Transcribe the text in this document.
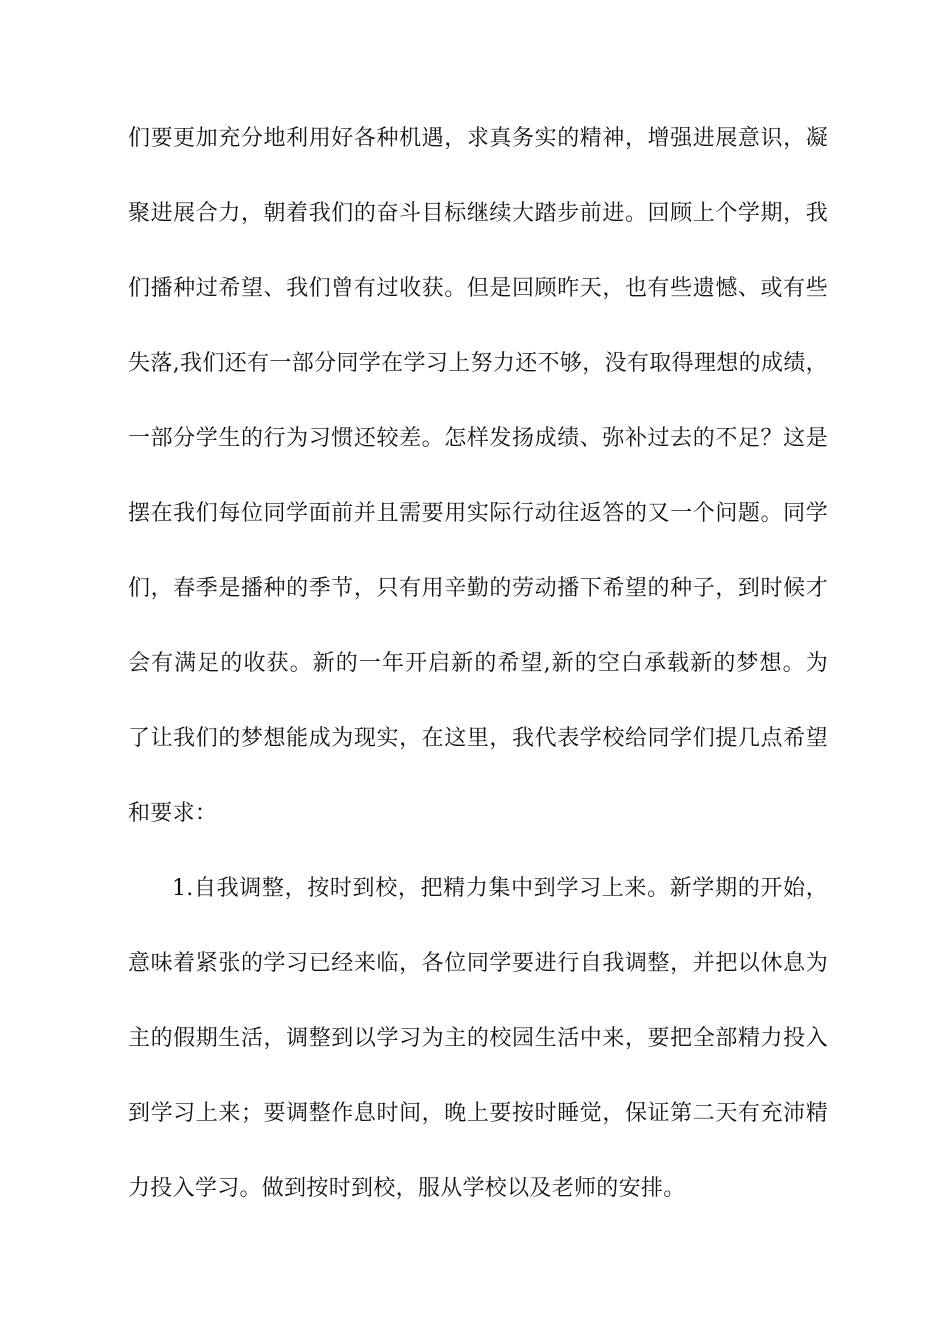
们要更加充分地利用好各种机遇，求真务实的精神，增强进展意识，凝
聚进展合力，朝着我们的奋斗目标继续大踏步前进。回顾上个学期，我
们播种过希望、我们曾有过收获。但是回顾昨天，也有些遗憾、或有些
失落,我们还有一部分同学在学习上努力还不够，没有取得理想的成绩，
一部分学生的行为习惯还较差。怎样发扬成绩、弥补过去的不足？这是
摆在我们每位同学面前并且需要用实际行动往返答的又一个问题。同学
们，春季是播种的季节，只有用辛勤的劳动播下希望的种子，到时候才
会有满足的收获。新的一年开启新的希望,新的空白承载新的梦想。为
了让我们的梦想能成为现实，在这里，我代表学校给同学们提几点希望
和要求：
1.自我调整，按时到校，把精力集中到学习上来。新学期的开始，
意味着紧张的学习已经来临，各位同学要进行自我调整，并把以休息为
主的假期生活，调整到以学习为主的校园生活中来，要把全部精力投入
到学习上来；要调整作息时间，晚上要按时睡觉，保证第二天有充沛精
力投入学习。做到按时到校，服从学校以及老师的安排。
